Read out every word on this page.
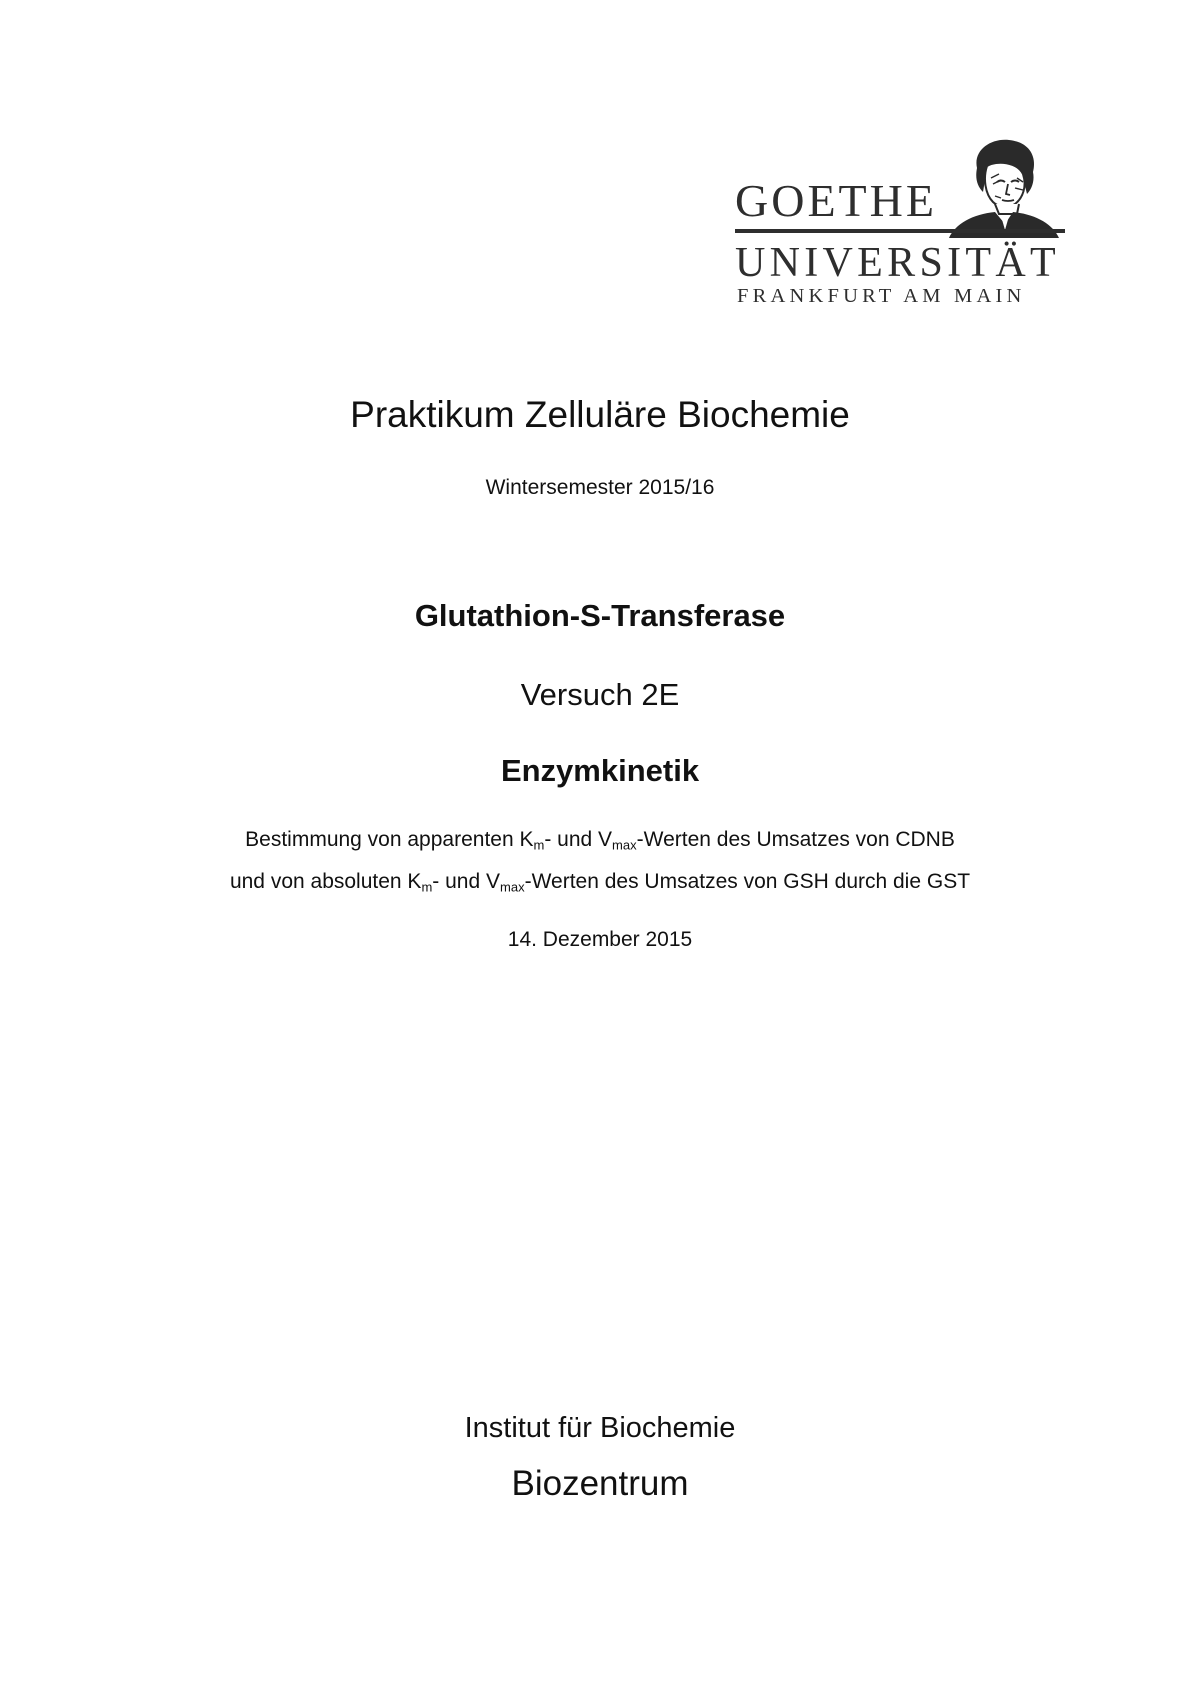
GOETHE
UNIVERSITÄT
FRANKFURT AM MAIN

Praktikum Zelluläre Biochemie

Wintersemester 2015/16

Glutathion-S-Transferase

Versuch 2E

Enzymkinetik

Bestimmung von apparenten $K_m-$ und $V_{max}$-Werten des Umsatzes von CDNB

und von absoluten $K_m-$ und $V_{max}$-Werten des Umsatzes von GSH durch die GST

14. Dezember 2015

Institut für Biochemie

Biozentrum
